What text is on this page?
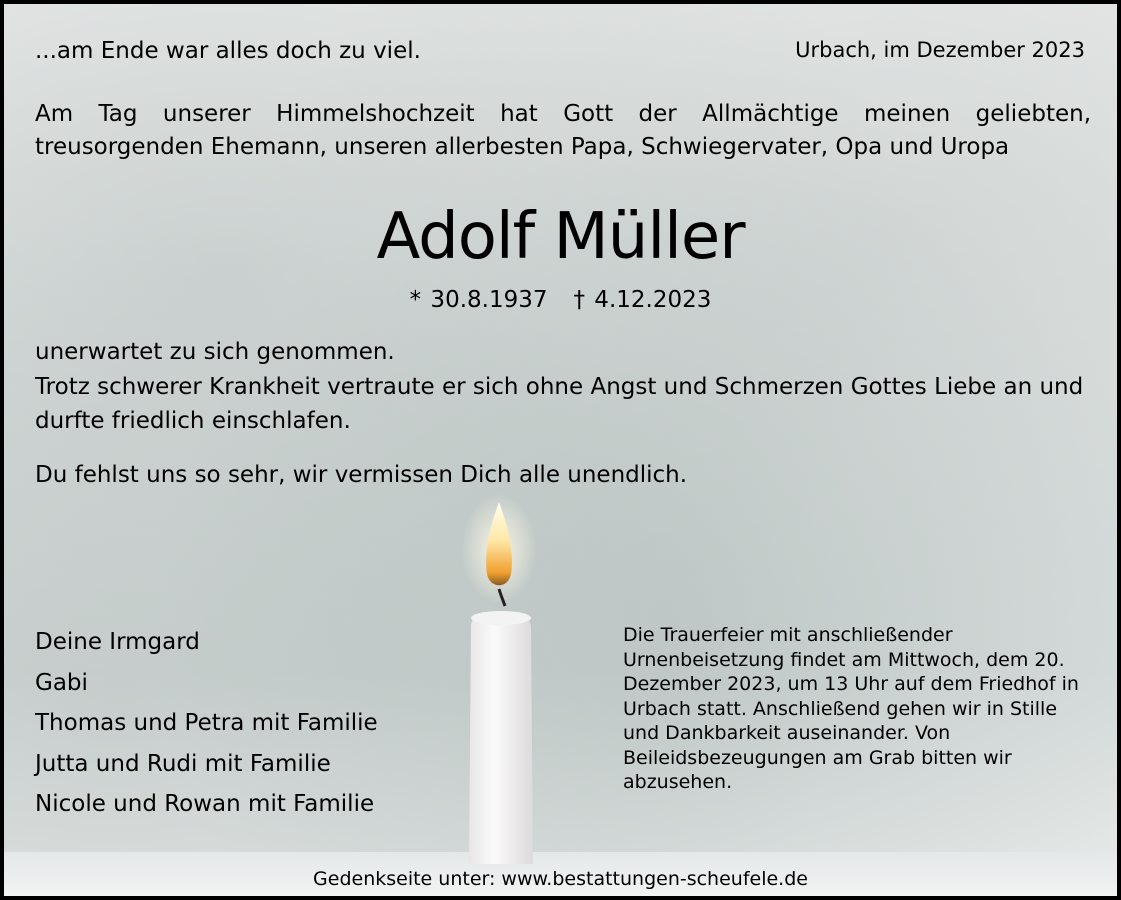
...am Ende war alles doch zu viel.	Urbach, im Dezember 2023
Am Tag unserer Himmelshochzeit hat Gott der Allmächtige meinen geliebten, treusorgenden Ehemann, unseren allerbesten Papa, Schwiegervater, Opa und Uropa
Adolf Müller
* 30.8.1937 † 4.12.2023
unerwartet zu sich genommen.
Trotz schwerer Krankheit vertraute er sich ohne Angst und Schmerzen Gottes Liebe an und durfte friedlich einschlafen.
Du fehlst uns so sehr, wir vermissen Dich alle unendlich.
Deine Irmgard
Gabi
Thomas und Petra mit Familie
Jutta und Rudi mit Familie
Nicole und Rowan mit Familie
Die Trauerfeier mit anschließender Urnenbeisetzung findet am Mittwoch, dem 20. Dezember 2023, um 13 Uhr auf dem Friedhof in Urbach statt. Anschließend gehen wir in Stille und Dankbarkeit auseinander. Von Beileidsbezeugungen am Grab bitten wir abzusehen.
Gedenkseite unter: www.bestattungen-scheufele.de
